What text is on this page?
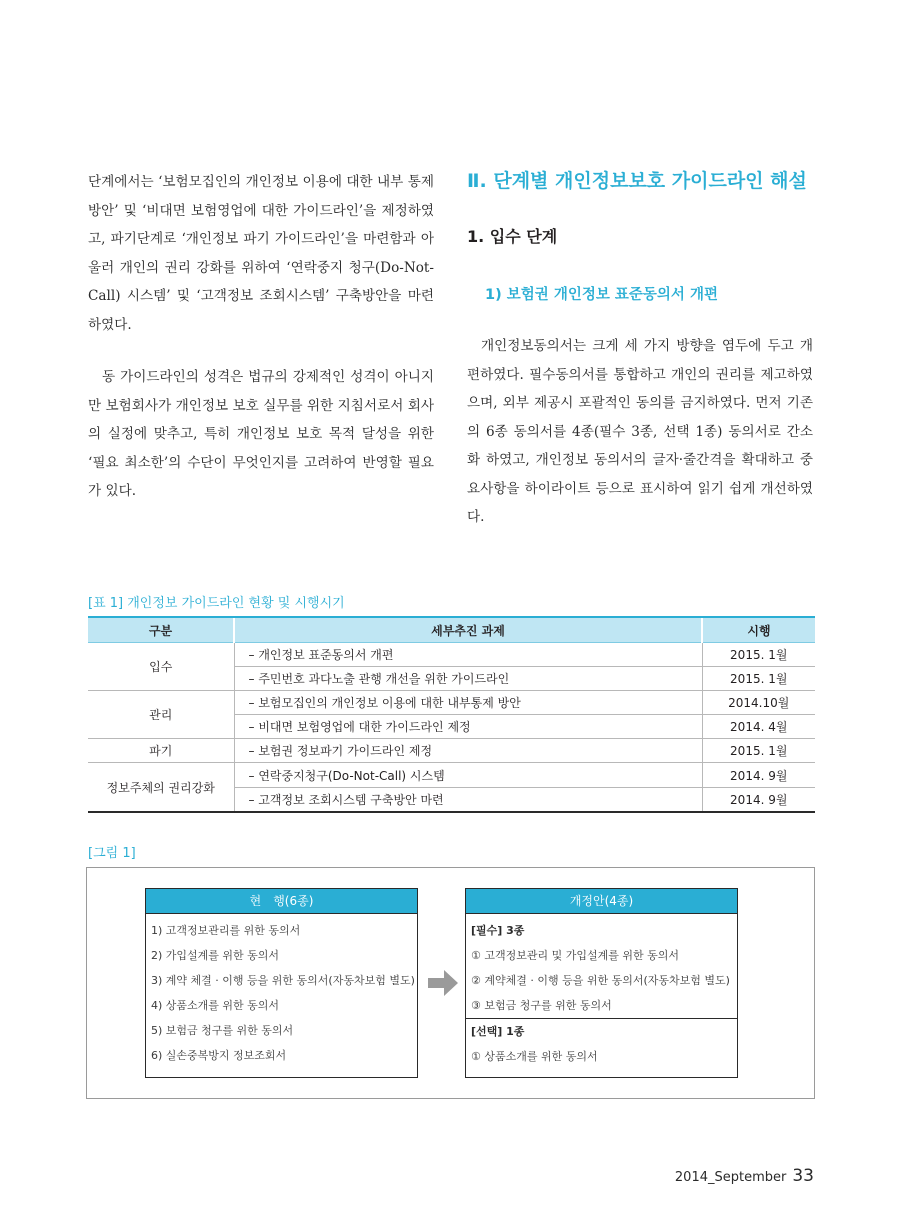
단계에서는 ‘보험모집인의 개인정보 이용에 대한 내부 통제방안’ 및 ‘비대면 보험영업에 대한 가이드라인’을 제정하였고, 파기단계로 ‘개인정보 파기 가이드라인’을 마련함과 아울러 개인의 권리 강화를 위하여 ‘연락중지 청구(Do-Not-Call) 시스템’ 및 ‘고객정보 조회시스템’ 구축방안을 마련하였다.

동 가이드라인의 성격은 법규의 강제적인 성격이 아니지만 보험회사가 개인정보 보호 실무를 위한 지침서로서 회사의 실정에 맞추고, 특히 개인정보 보호 목적 달성을 위한 ‘필요 최소한’의 수단이 무엇인지를 고려하여 반영할 필요가 있다.

Ⅱ. 단계별 개인정보보호 가이드라인 해설
1. 입수 단계
1) 보험권 개인정보 표준동의서 개편

개인정보동의서는 크게 세 가지 방향을 염두에 두고 개편하였다. 필수동의서를 통합하고 개인의 권리를 제고하였으며, 외부 제공시 포괄적인 동의를 금지하였다. 먼저 기존의 6종 동의서를 4종(필수 3종, 선택 1종) 동의서로 간소화 하였고, 개인정보 동의서의 글자·줄간격을 확대하고 중요사항을 하이라이트 등으로 표시하여 읽기 쉽게 개선하였다.

[표 1] 개인정보 가이드라인 현황 및 시행시기
구분	세부추진 과제	시행
입수	– 개인정보 표준동의서 개편	2015. 1월
	– 주민번호 과다노출 관행 개선을 위한 가이드라인	2015. 1월
관리	– 보험모집인의 개인정보 이용에 대한 내부통제 방안	2014.10월
	– 비대면 보험영업에 대한 가이드라인 제정	2014. 4월
파기	– 보험권 정보파기 가이드라인 제정	2015. 1월
정보주체의 권리강화	– 연락중지청구(Do-Not-Call) 시스템	2014. 9월
	– 고객정보 조회시스템 구축방안 마련	2014. 9월
[그림 1]
현　행(6종)
1) 고객정보관리를 위한 동의서
2) 가입설계를 위한 동의서
3) 계약 체결 · 이행 등을 위한 동의서(자동차보험 별도)
4) 상품소개를 위한 동의서
5) 보험금 청구를 위한 동의서
6) 실손중복방지 정보조회서
개정안(4종)
[필수] 3종
① 고객정보관리 및 가입설계를 위한 동의서
② 계약체결 · 이행 등을 위한 동의서(자동차보험 별도)
③ 보험금 청구를 위한 동의서
[선택] 1종
① 상품소개를 위한 동의서
2014_September 33
